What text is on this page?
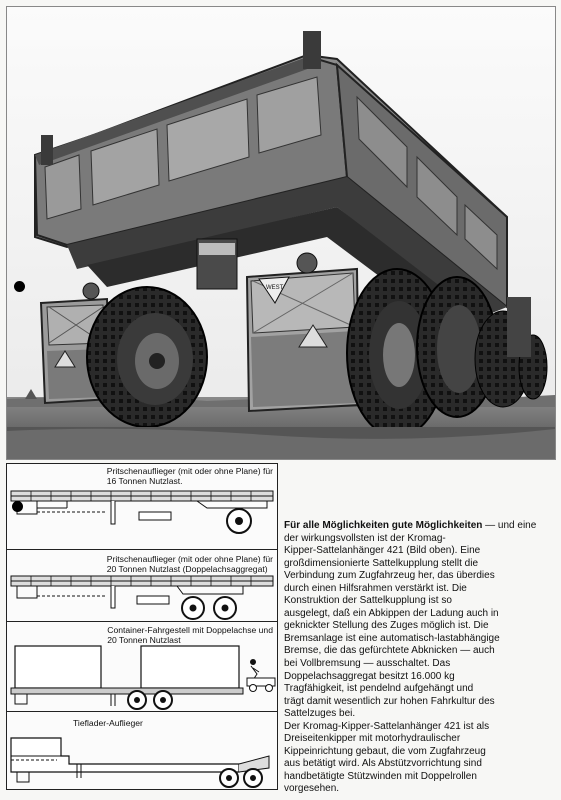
WEST
Pritschenauflieger (mit oder ohne Plane) für
16 Tonnen Nutzlast.
Pritschenauflieger (mit oder ohne Plane) für
20 Tonnen Nutzlast (Doppelachsaggregat)
Container-Fahrgestell mit Doppelachse und
20 Tonnen Nutzlast
Tieflader-Auflieger

Für alle Möglichkeiten gute Möglichkeiten — und eine der wirkungsvollsten ist der Kromag-

Kipper-Sattelanhänger 421 (Bild oben). Eine

großdimensionierte Sattelkupplung stellt die

Verbindung zum Zugfahrzeug her, das überdies

durch einen Hilfsrahmen verstärkt ist. Die

Konstruktion der Sattelkupplung ist so

ausgelegt, daß ein Abkippen der Ladung auch in

geknickter Stellung des Zuges möglich ist. Die

Bremsanlage ist eine automatisch-lastabhängige

Bremse, die das gefürchtete Abknicken — auch

bei Vollbremsung — ausschaltet. Das

Doppelachsaggregat besitzt 16.000 kg

Tragfähigkeit, ist pendelnd aufgehängt und

trägt damit wesentlich zur hohen Fahrkultur des

Sattelzuges bei.

Der Kromag-Kipper-Sattelanhänger 421 ist als

Dreiseitenkipper mit motorhydraulischer

Kippeinrichtung gebaut, die vom Zugfahrzeug

aus betätigt wird. Als Abstützvorrichtung sind

handbetätigte Stützwinden mit Doppelrollen

vorgesehen.
